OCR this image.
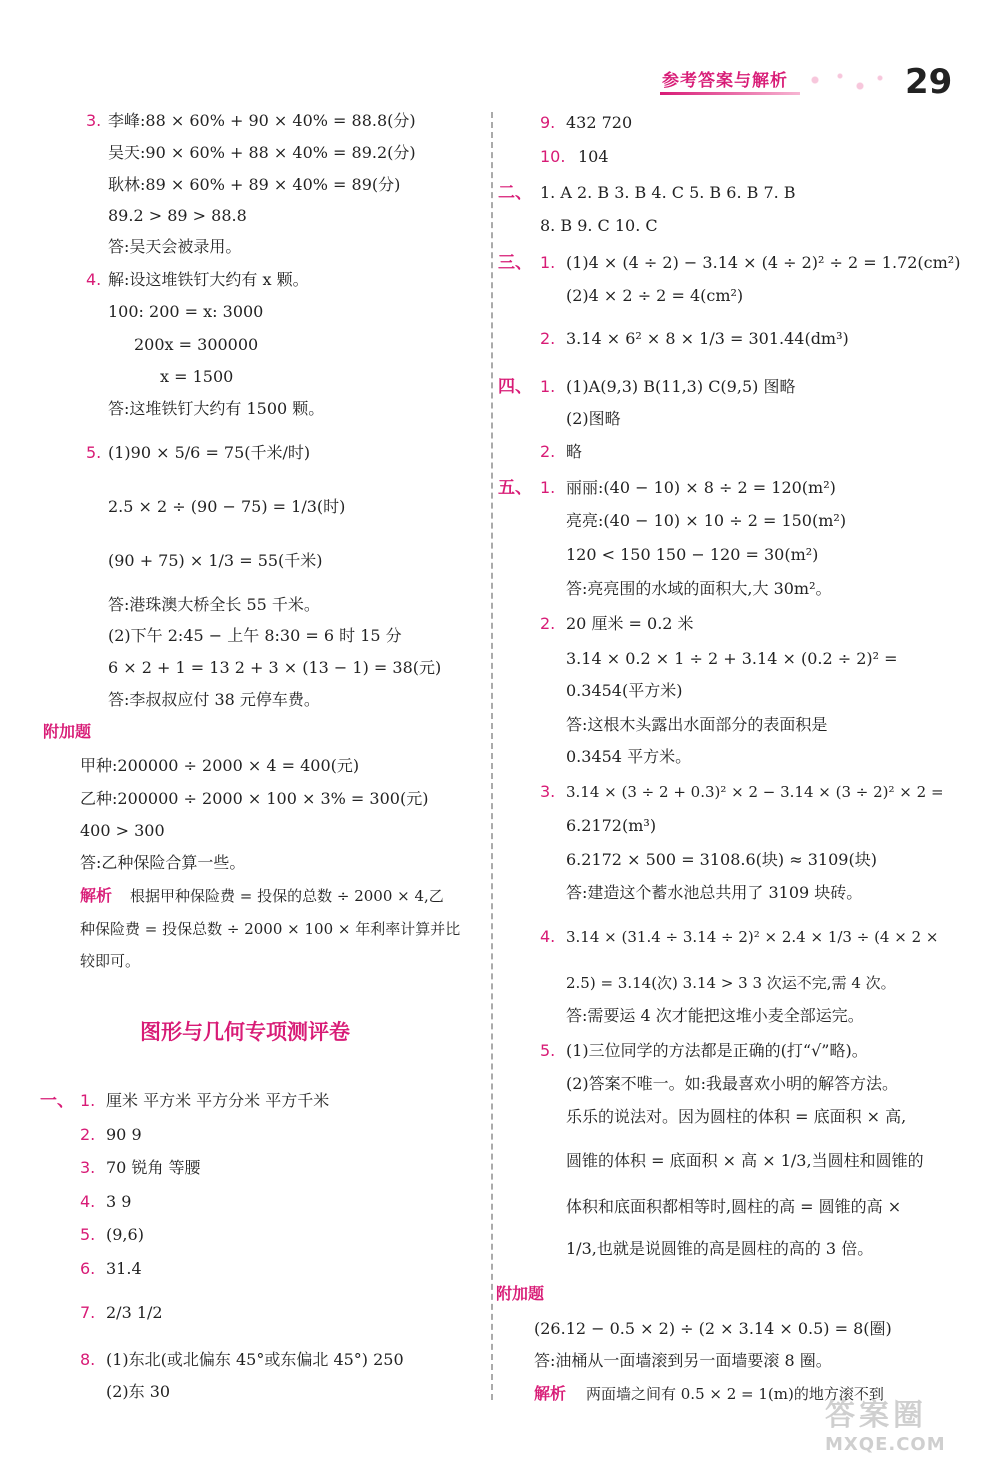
参考答案与解析	29
3. 李峰:88 × 60% + 90 × 40% = 88.8(分)
吴天:90 × 60% + 88 × 40% = 89.2(分)
耿林:89 × 60% + 89 × 40% = 89(分)
89.2 > 89 > 88.8
答:吴天会被录用。
4. 解:设这堆铁钉大约有 x 颗。
100: 200 = x: 3000
200x = 300000
x = 1500
答:这堆铁钉大约有 1500 颗。
5. (1)90 × 5/6 = 75(千米/时)
2.5 × 2 ÷ (90 − 75) = 1/3(时)
(90 + 75) × 1/3 = 55(千米)
答:港珠澳大桥全长 55 千米。
(2)下午 2:45 − 上午 8:30 = 6 时 15 分
6 × 2 + 1 = 13 2 + 3 × (13 − 1) = 38(元)
答:李叔叔应付 38 元停车费。
附加题
甲种:200000 ÷ 2000 × 4 = 400(元)
乙种:200000 ÷ 2000 × 100 × 3% = 300(元)
400 > 300
答:乙种保险合算一些。
解析 根据甲种保险费 = 投保的总数 ÷ 2000 × 4,乙
种保险费 = 投保总数 ÷ 2000 × 100 × 年利率计算并比
较即可。
图形与几何专项测评卷
一、 1. 厘米 平方米 平方分米 平方千米
2. 90 9
3. 70 锐角 等腰
4. 3 9
5. (9,6)
6. 31.4
7. 2/3 1/2
8. (1)东北(或北偏东 45°或东偏北 45°) 250
(2)东 30
9. 432 720
10. 104
二、 1. A 2. B 3. B 4. C 5. B 6. B 7. B
8. B 9. C 10. C
三、 1. (1)4 × (4 ÷ 2) − 3.14 × (4 ÷ 2)² ÷ 2 = 1.72(cm²)
(2)4 × 2 ÷ 2 = 4(cm²)
2. 3.14 × 6² × 8 × 1/3 = 301.44(dm³)
四、 1. (1)A(9,3) B(11,3) C(9,5) 图略
(2)图略
2. 略
五、 1. 丽丽:(40 − 10) × 8 ÷ 2 = 120(m²)
亮亮:(40 − 10) × 10 ÷ 2 = 150(m²)
120 < 150 150 − 120 = 30(m²)
答:亮亮围的水域的面积大,大 30m²。
2. 20 厘米 = 0.2 米
3.14 × 0.2 × 1 ÷ 2 + 3.14 × (0.2 ÷ 2)² =
0.3454(平方米)
答:这根木头露出水面部分的表面积是
0.3454 平方米。
3. 3.14 × (3 ÷ 2 + 0.3)² × 2 − 3.14 × (3 ÷ 2)² × 2 =
6.2172(m³)
6.2172 × 500 = 3108.6(块) ≈ 3109(块)
答:建造这个蓄水池总共用了 3109 块砖。
4. 3.14 × (31.4 ÷ 3.14 ÷ 2)² × 2.4 × 1/3 ÷ (4 × 2 ×
2.5) = 3.14(次) 3.14 > 3 3 次运不完,需 4 次。
答:需要运 4 次才能把这堆小麦全部运完。
5. (1)三位同学的方法都是正确的(打“√”略)。
(2)答案不唯一。如:我最喜欢小明的解答方法。
乐乐的说法对。因为圆柱的体积 = 底面积 × 高,
圆锥的体积 = 底面积 × 高 × 1/3,当圆柱和圆锥的
体积和底面积都相等时,圆柱的高 = 圆锥的高 ×
1/3,也就是说圆锥的高是圆柱的高的 3 倍。
附加题
(26.12 − 0.5 × 2) ÷ (2 × 3.14 × 0.5) = 8(圈)
答:油桶从一面墙滚到另一面墙要滚 8 圈。
解析 两面墙之间有 0.5 × 2 = 1(m)的地方滚不到
答案圈
MXQE.COM
